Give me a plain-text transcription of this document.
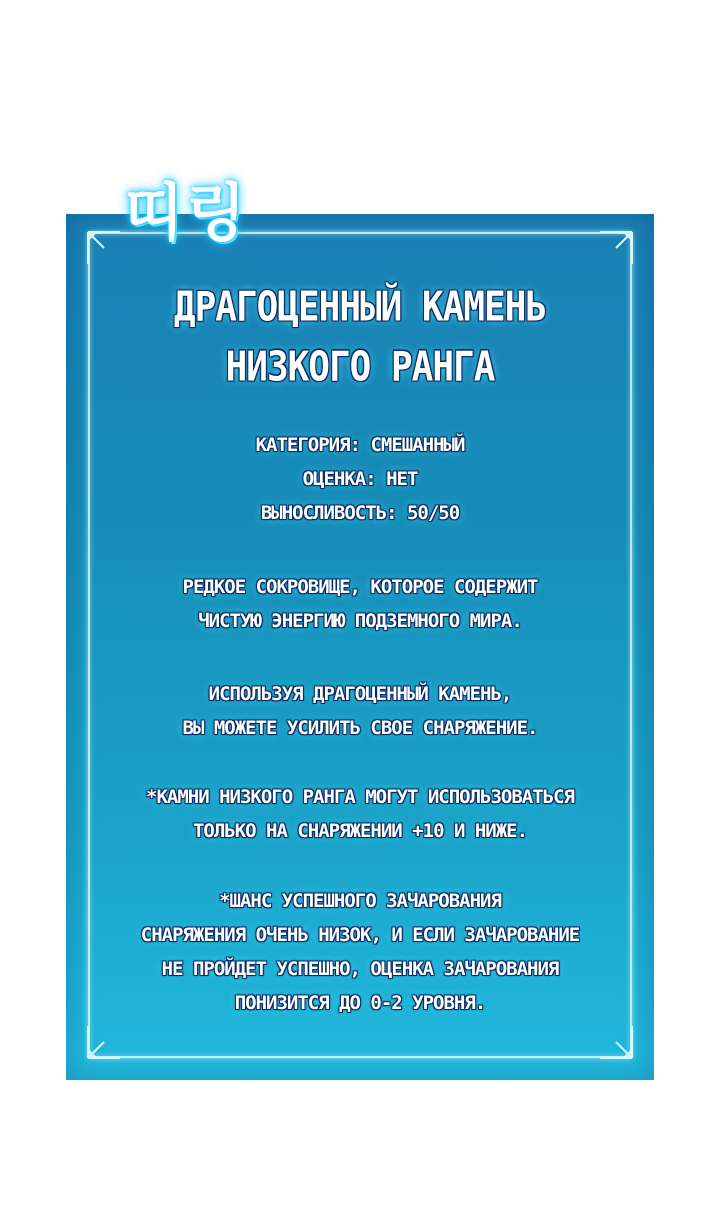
띠링
ДРАГОЦЕННЫЙ КАМЕНЬ
НИЗКОГО РАНГА
КАТЕГОРИЯ: СМЕШАННЫЙ
ОЦЕНКА: НЕТ
ВЫНОСЛИВОСТЬ: 50/50
РЕДКОЕ СОКРОВИЩЕ, КОТОРОЕ СОДЕРЖИТ
ЧИСТУЮ ЭНЕРГИЮ ПОДЗЕМНОГО МИРА.
ИСПОЛЬЗУЯ ДРАГОЦЕННЫЙ КАМЕНЬ,
ВЫ МОЖЕТЕ УСИЛИТЬ СВОЕ СНАРЯЖЕНИЕ.
*КАМНИ НИЗКОГО РАНГА МОГУТ ИСПОЛЬЗОВАТЬСЯ
ТОЛЬКО НА СНАРЯЖЕНИИ +10 И НИЖЕ.
*ШАНС УСПЕШНОГО ЗАЧАРОВАНИЯ
СНАРЯЖЕНИЯ ОЧЕНЬ НИЗОК, И ЕСЛИ ЗАЧАРОВАНИЕ
НЕ ПРОЙДЕТ УСПЕШНО, ОЦЕНКА ЗАЧАРОВАНИЯ
ПОНИЗИТСЯ ДО 0-2 УРОВНЯ.
